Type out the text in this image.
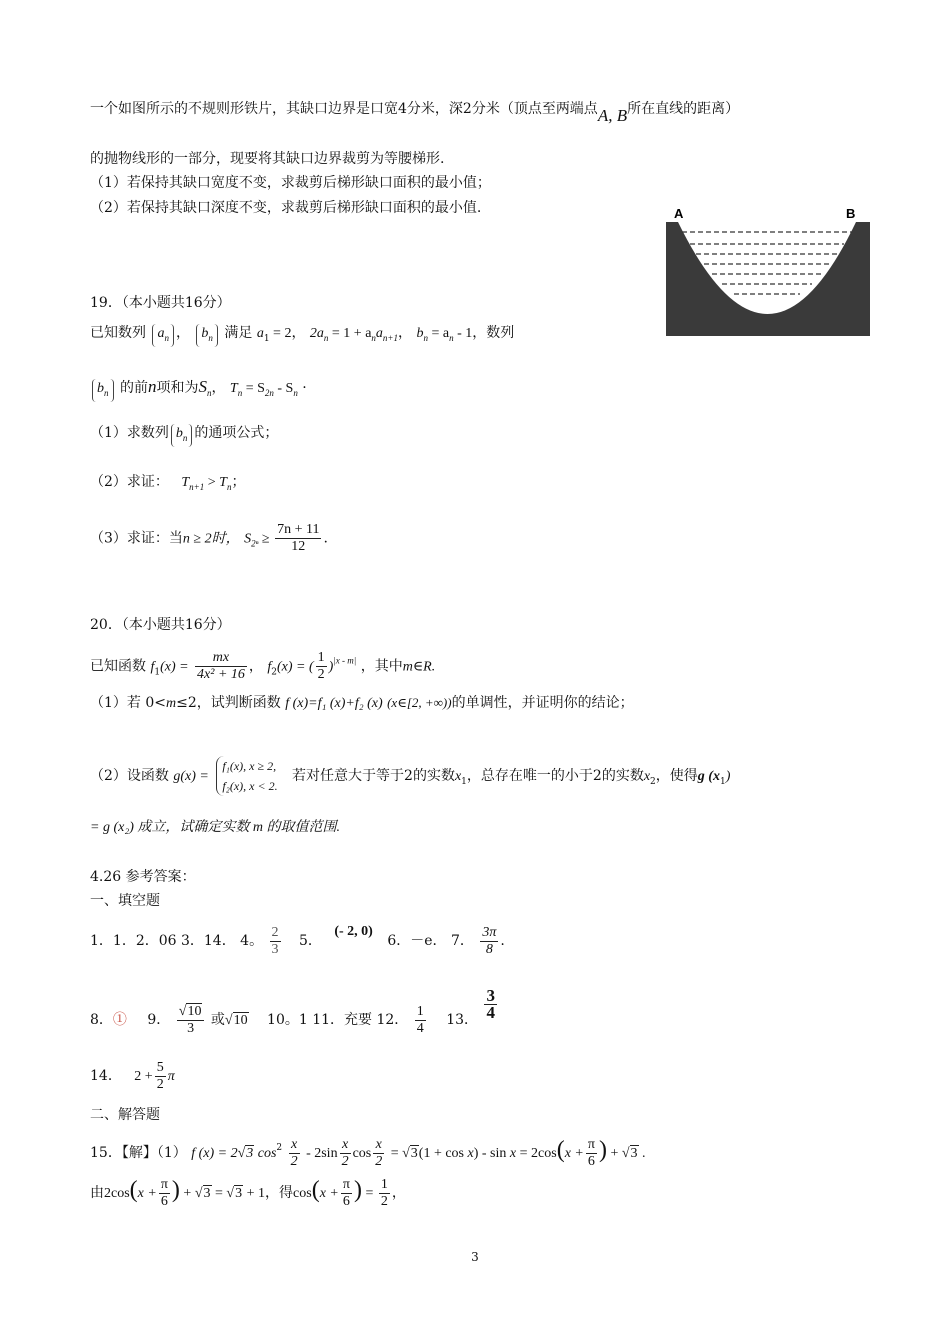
一个如图所示的不规则形铁片，其缺口边界是口宽4分米，深2分米（顶点至两端点A, B所在直线的距离）
的抛物线形的一部分，现要将其缺口边界裁剪为等腰梯形.
（1）若保持其缺口宽度不变，求裁剪后梯形缺口面积的最小值；
（2）若保持其缺口深度不变，求裁剪后梯形缺口面积的最小值.	A	B
19．（本小题共16分）
已知数列 $a_n$ ， $b_n$ 满足 $a_1 = 2$， $2a_n = 1 + a_na_{n+1}$， $b_n = a_n - 1$，数列
$b_n$ 的前n项和为$S_n$， $T_n = S_{2n} - S_n$ ·
（1）求数列 $b_n$ 的通项公式；
（2）求证： $T_{n+1} > T_n$；
（3）求证：当n ≥ 2时， $S_{2^n} \ge \frac{7n + 11}{12}$ .
20．（本小题共16分）
已知函数 $f_1(x) = \frac{mx}{\text{4x² + 16}}$ ， $f_2(x)$ = ( $\frac{1}{2} )^{|x - m|}$ ，其中m∈R.
（1）若 0<m≤2，试判断函数 f (x)=f₁ (x)+f₂ (x) (x∈[2, +∞))的单调性，并证明你的结论；
（2）设函数 g(x) =
f₁(x), x ≥ 2,
f₂(x), x < 2.
若对任意大于等于2的实数$x_1$，总存在唯一的小于2的实数$x_2$，使得g $(x_1)$
= g (x₂) 成立，试确定实数 m 的取值范围.
4.26 参考答案：
一、填空题
1．1．2．06 3．14． 4。 $\frac{2}{3} 5$． (- 2, 0) 6．－e． 7． $\frac{3\pi}{8}$ .
8．① 9． $\frac{√10}{3}$ 或√10 10。1 11．充要 12． $\frac{1}{4} 13$． $\frac{3}{4}$
14． $2 + \frac{5}{2}$ π
二、解答题
15．【解】（1） f (x) = 2√3 $\cos^2 \frac{x}{2} - 2\sin \frac{x}{2}$ $\cos \frac{x}{2} = √3(1 + \cos x) - \sin x = 2\cos(x + \frac{\pi}{6}$ ) + √3 .
由$2\cos(x + \frac{\pi}{6}$ ) + √3 = √3 + 1，得$\cos(x + \frac{\pi}{6}$ ) = $\frac{1}{2}$ ，
3
